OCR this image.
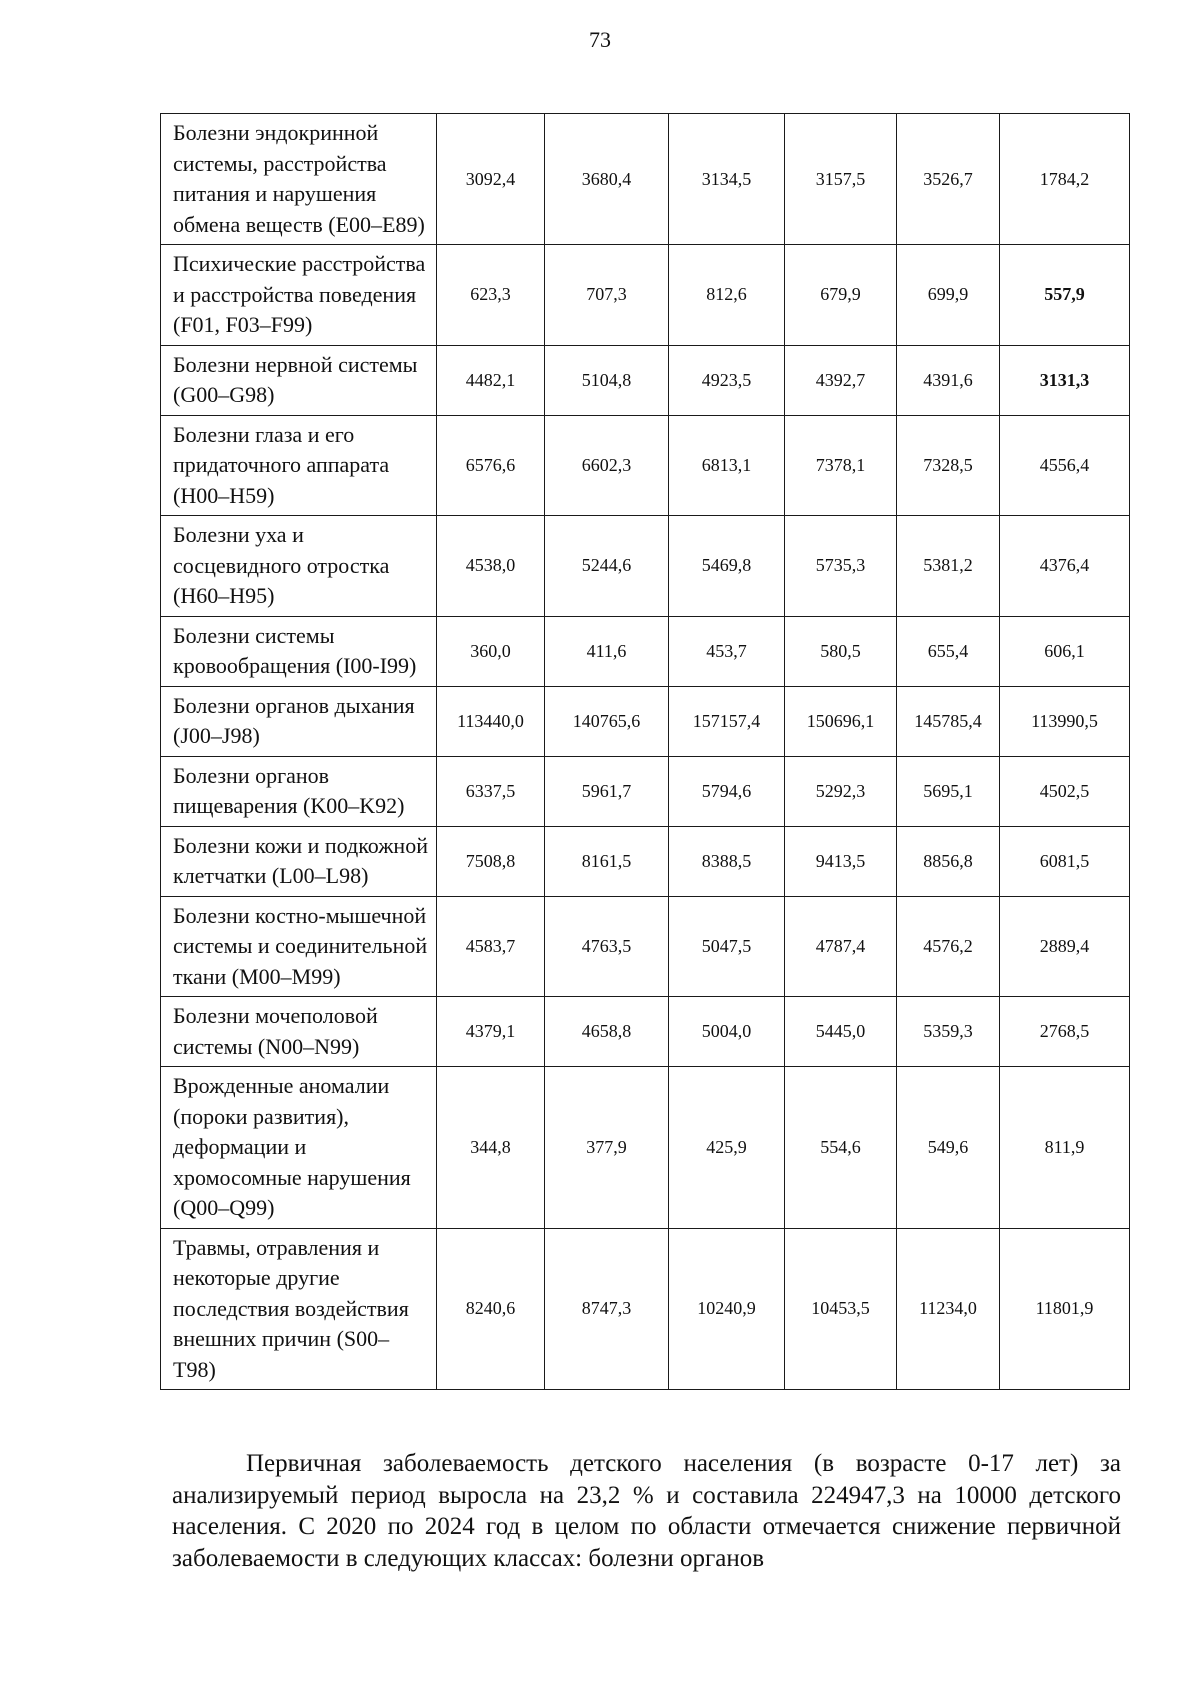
73
Болезни эндокринной системы, расстройства питания и нарушения обмена веществ (E00–E89)	3092,4	3680,4	3134,5	3157,5	3526,7	1784,2
Психические расстройства и расстройства поведения (F01, F03–F99)	623,3	707,3	812,6	679,9	699,9	557,9
Болезни нервной системы (G00–G98)	4482,1	5104,8	4923,5	4392,7	4391,6	3131,3
Болезни глаза и его придаточного аппарата (H00–H59)	6576,6	6602,3	6813,1	7378,1	7328,5	4556,4
Болезни уха и сосцевидного отростка (H60–H95)	4538,0	5244,6	5469,8	5735,3	5381,2	4376,4
Болезни системы кровообращения (I00-I99)	360,0	411,6	453,7	580,5	655,4	606,1
Болезни органов дыхания (J00–J98)	113440,0	140765,6	157157,4	150696,1	145785,4	113990,5
Болезни органов пищеварения (K00–K92)	6337,5	5961,7	5794,6	5292,3	5695,1	4502,5
Болезни кожи и подкожной клетчатки (L00–L98)	7508,8	8161,5	8388,5	9413,5	8856,8	6081,5
Болезни костно-мышечной системы и соединительной ткани (M00–M99)	4583,7	4763,5	5047,5	4787,4	4576,2	2889,4
Болезни мочеполовой системы (N00–N99)	4379,1	4658,8	5004,0	5445,0	5359,3	2768,5
Врожденные аномалии (пороки развития), деформации и хромосомные нарушения (Q00–Q99)	344,8	377,9	425,9	554,6	549,6	811,9
Травмы, отравления и некоторые другие последствия воздействия внешних причин (S00–T98)	8240,6	8747,3	10240,9	10453,5	11234,0	11801,9

Первичная заболеваемость детского населения (в возрасте 0-17 лет) за анализируемый период выросла на 23,2 % и составила 224947,3 на 10000 детского населения. С 2020 по 2024 год в целом по области отмечается снижение первичной заболеваемости в следующих классах: болезни органов
